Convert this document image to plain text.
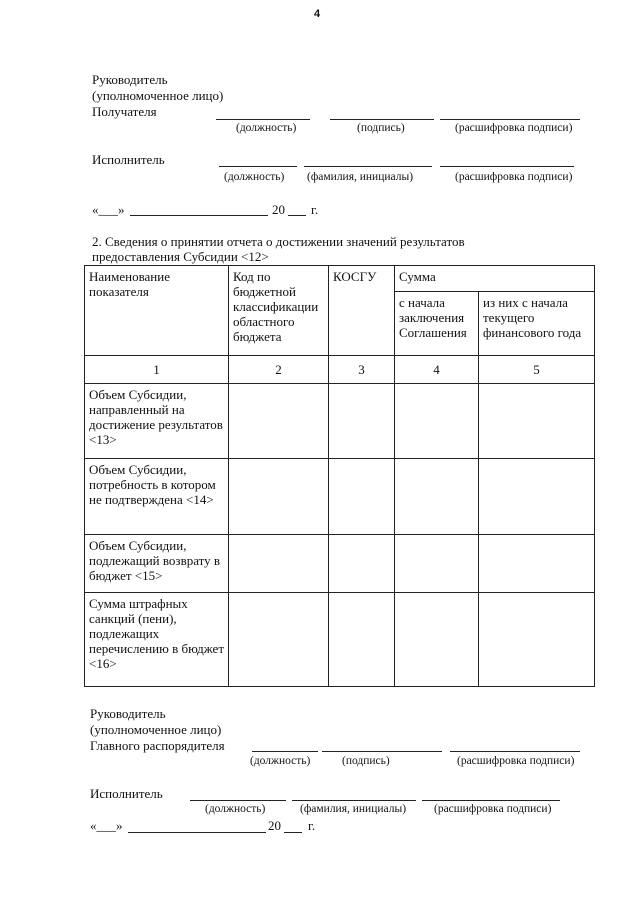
4
Руководитель
(уполномоченное лицо)
Получателя
(должность)	(подпись)	(расшифровка подписи)
Исполнитель
(должность) (фамилия, инициалы)	(расшифровка подписи)
«___»	20 г.
2. Сведения о принятии отчета о достижении значений результатов
предоставления Субсидии <12>
Наименование показателя	Код по бюджетной классификации областного бюджета	КОСГУ	Сумма	
			с начала заключения Соглашения	из них с начала текущего финансового года
1	2	3	4	5
Объем Субсидии, направленный на достижение результатов <13>				
Объем Субсидии, потребность в котором не подтверждена <14>				
Объем Субсидии, подлежащий возврату в бюджет <15>				
Сумма штрафных санкций (пени), подлежащих перечислению в бюджет <16>				
Руководитель
(уполномоченное лицо)
Главного распорядителя
(должность)	(подпись)	(расшифровка подписи)
Исполнитель
(должность)	(фамилия, инициалы) (расшифровка подписи)
«___»	20 г.
